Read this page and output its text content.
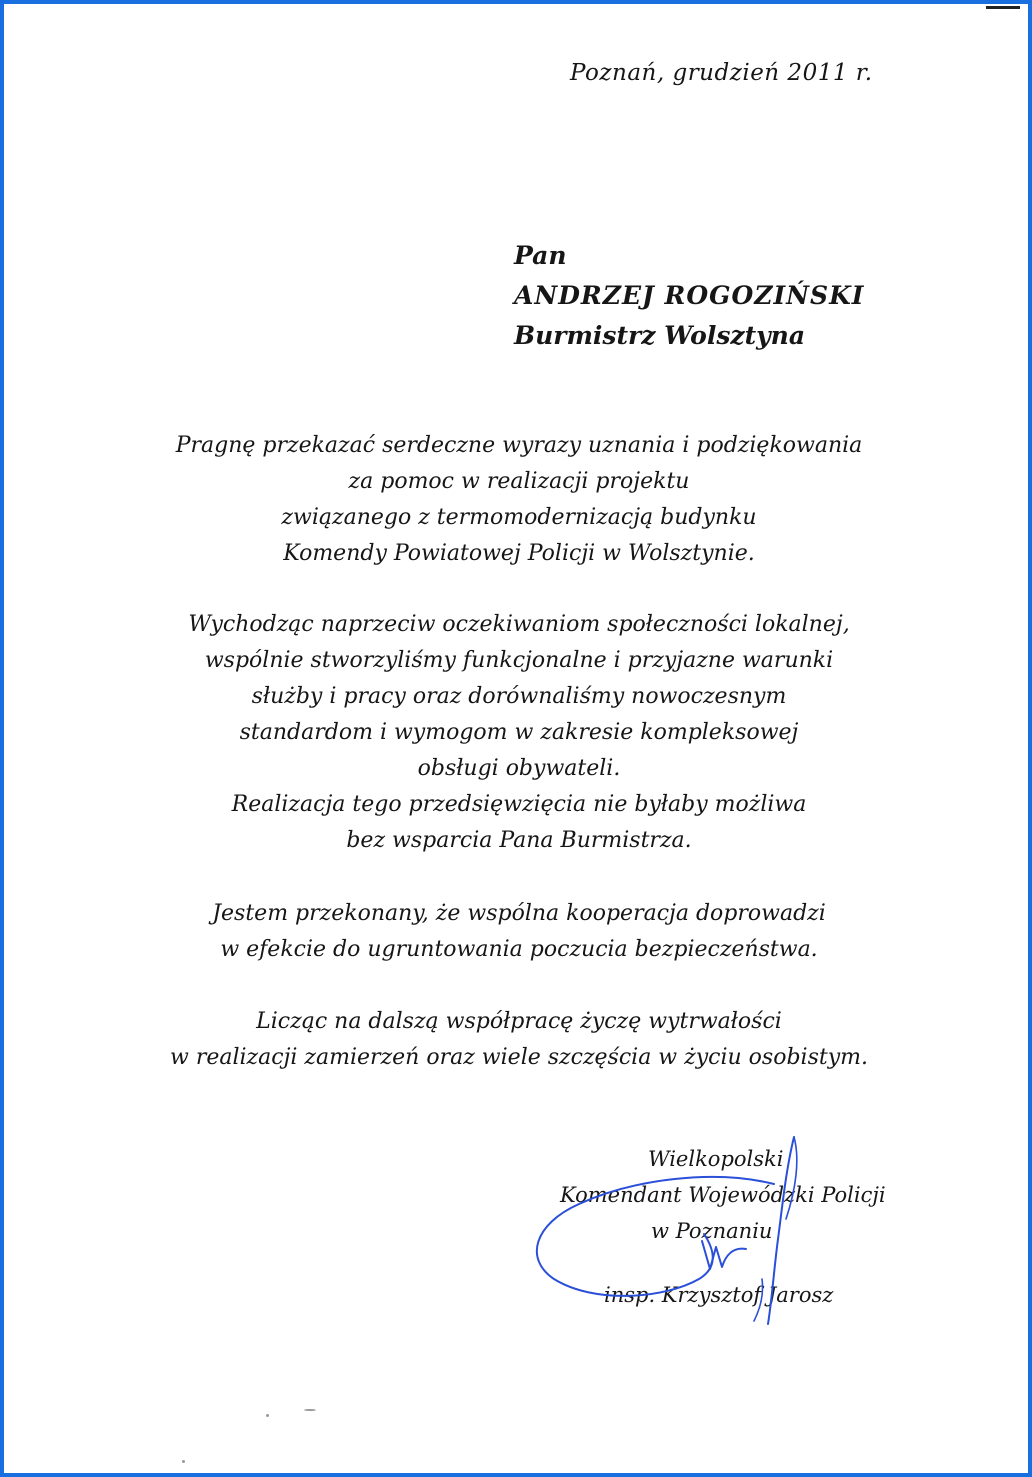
Poznań, grudzień 2011 r.
Pan
ANDRZEJ ROGOZIŃSKI
Burmistrz Wolsztyna
Pragnę przekazać serdeczne wyrazy uznania i podziękowania
za pomoc w realizacji projektu
związanego z termomodernizacją budynku
Komendy Powiatowej Policji w Wolsztynie.
Wychodząc naprzeciw oczekiwaniom społeczności lokalnej,
wspólnie stworzyliśmy funkcjonalne i przyjazne warunki
służby i pracy oraz dorównaliśmy nowoczesnym
standardom i wymogom w zakresie kompleksowej
obsługi obywateli.
Realizacja tego przedsięwzięcia nie byłaby możliwa
bez wsparcia Pana Burmistrza.
Jestem przekonany, że wspólna kooperacja doprowadzi
w efekcie do ugruntowania poczucia bezpieczeństwa.
Licząc na dalszą współpracę życzę wytrwałości
w realizacji zamierzeń oraz wiele szczęścia w życiu osobistym.
Wielkopolski
Komendant Wojewódzki Policji
w Poznaniu
insp. Krzysztof Jarosz
